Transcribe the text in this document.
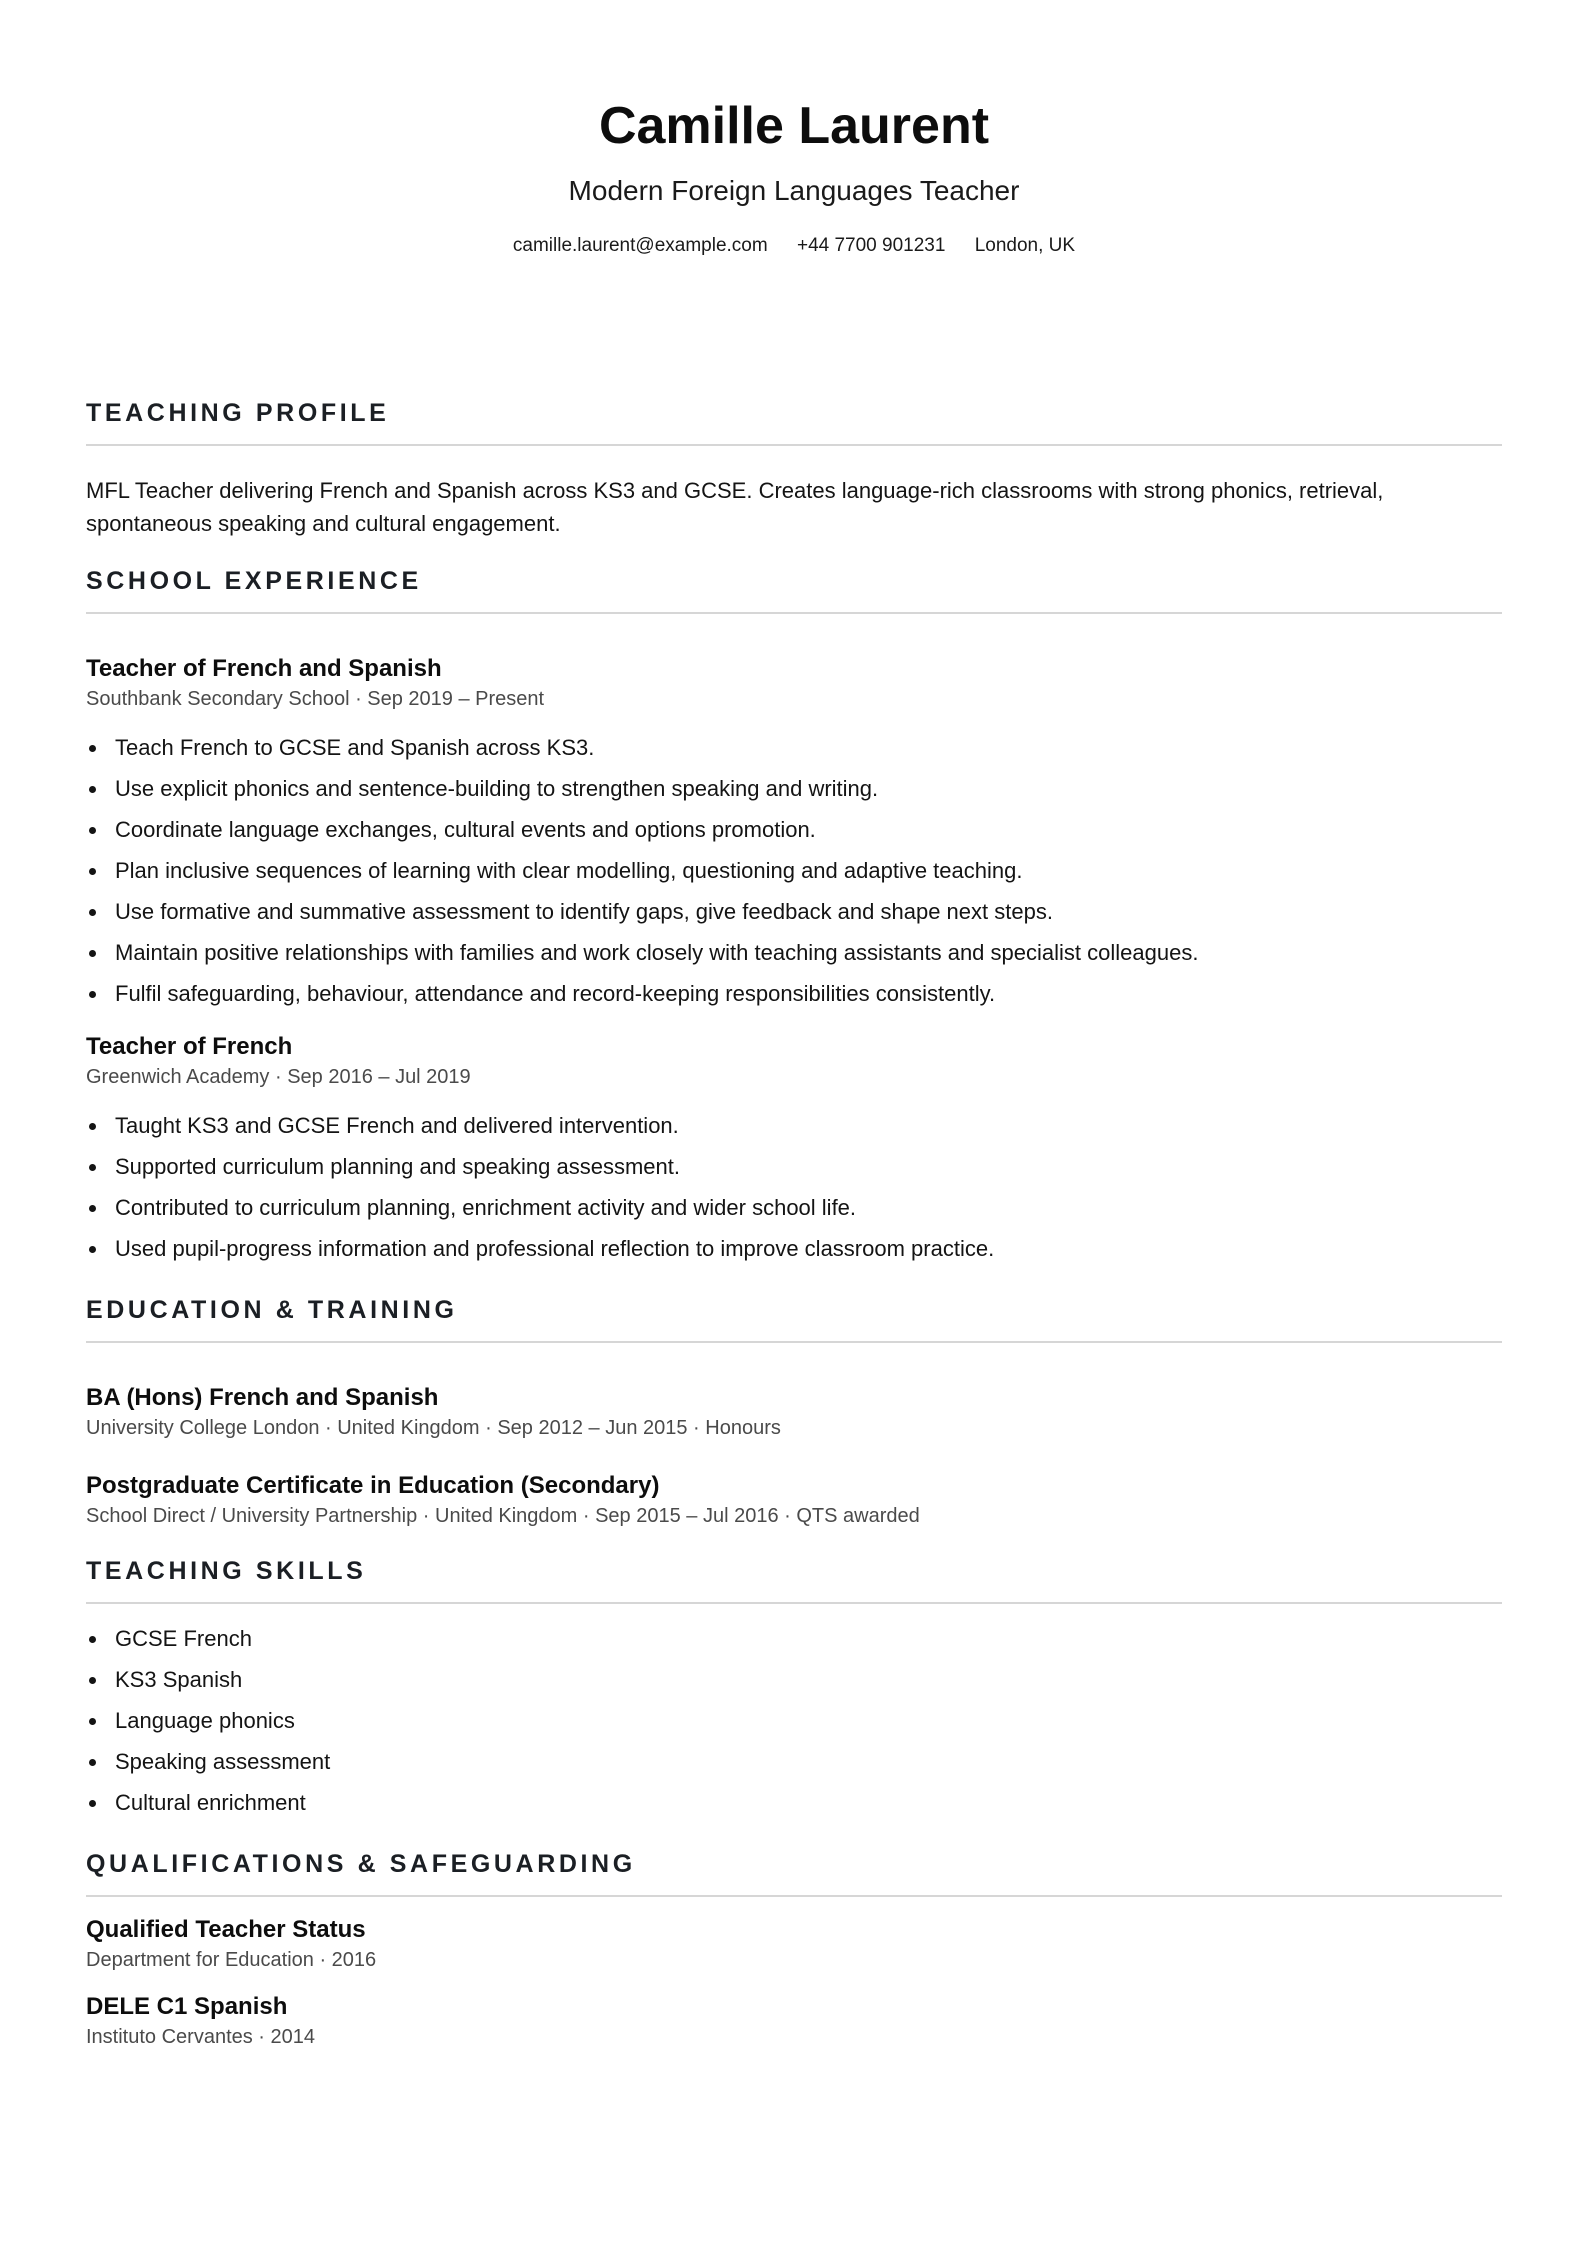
Camille Laurent
Modern Foreign Languages Teacher
camille.laurent@example.com +44 7700 901231 London, UK
TEACHING PROFILE

MFL Teacher delivering French and Spanish across KS3 and GCSE. Creates language-rich classrooms with strong phonics, retrieval, spontaneous speaking and cultural engagement.

SCHOOL EXPERIENCE
Teacher of French and Spanish
Southbank Secondary School · Sep 2019 – Present
Teach French to GCSE and Spanish across KS3.
Use explicit phonics and sentence-building to strengthen speaking and writing.
Coordinate language exchanges, cultural events and options promotion.
Plan inclusive sequences of learning with clear modelling, questioning and adaptive teaching.
Use formative and summative assessment to identify gaps, give feedback and shape next steps.
Maintain positive relationships with families and work closely with teaching assistants and specialist colleagues.
Fulfil safeguarding, behaviour, attendance and record-keeping responsibilities consistently.
Teacher of French
Greenwich Academy · Sep 2016 – Jul 2019
Taught KS3 and GCSE French and delivered intervention.
Supported curriculum planning and speaking assessment.
Contributed to curriculum planning, enrichment activity and wider school life.
Used pupil-progress information and professional reflection to improve classroom practice.
EDUCATION & TRAINING
BA (Hons) French and Spanish
University College London · United Kingdom · Sep 2012 – Jun 2015 · Honours
Postgraduate Certificate in Education (Secondary)
School Direct / University Partnership · United Kingdom · Sep 2015 – Jul 2016 · QTS awarded
TEACHING SKILLS
GCSE French
KS3 Spanish
Language phonics
Speaking assessment
Cultural enrichment
QUALIFICATIONS & SAFEGUARDING
Qualified Teacher Status
Department for Education · 2016
DELE C1 Spanish
Instituto Cervantes · 2014
